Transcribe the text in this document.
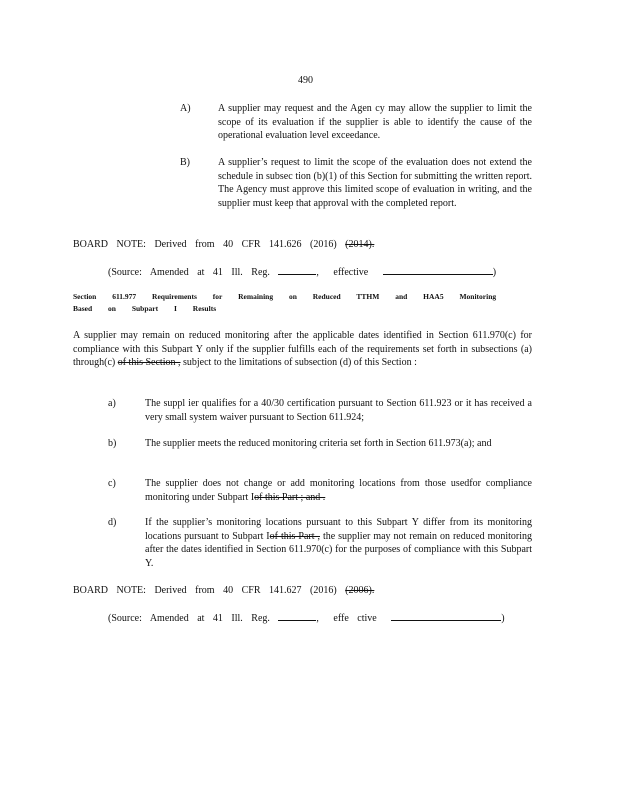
490
A)	A supplier may request and the Agen cy may allow the supplier to limit the scope of its evaluation if the supplier is able to identify the cause of the operational evaluation level exceedance.

B)	A supplier’s request to limit the scope of the evaluation does not extend the schedule in subsec tion (b)(1) of this Section for submitting the written report. The Agency must approve this limited scope of evaluation in writing, and the supplier must keep that approval with the completed report.

BOARD NOTE: Derived from 40 CFR 141.626 (2016) (2014).

(Source: Amended at 41 Ill. Reg.	, effective	)

Section 611.977 Requirements for Remaining on Reduced TTHM and HAA5 Monitoring
Based on Subpart I Results

A supplier may remain on reduced monitoring after the applicable dates identified in Section 611.970(c) for compliance with this Subpart Y only if the supplier fulfills each of the requirements set forth in subsections (a) through(c) of this Section , subject to the limitations of subsection (d) of this Section :

a)	The suppl ier qualifies for a 40/30 certification pursuant to Section 611.923 or it has received a very small system waiver pursuant to Section 611.924;

b)	The supplier meets the reduced monitoring criteria set forth in Section 611.973(a); and

c)	The supplier does not change or add monitoring locations from those usedfor compliance monitoring under Subpart Iof this Part ; and .

d)	If the supplier’s monitoring locations pursuant to this Subpart Y differ from its monitoring locations pursuant to Subpart Iof this Part , the supplier may not remain on reduced monitoring after the dates identified in Section 611.970(c) for the purposes of compliance with this Subpart Y.

BOARD NOTE: Derived from 40 CFR 141.627 (2016) (2006).

(Source: Amended at 41 Ill. Reg.	, effe ctive	)
